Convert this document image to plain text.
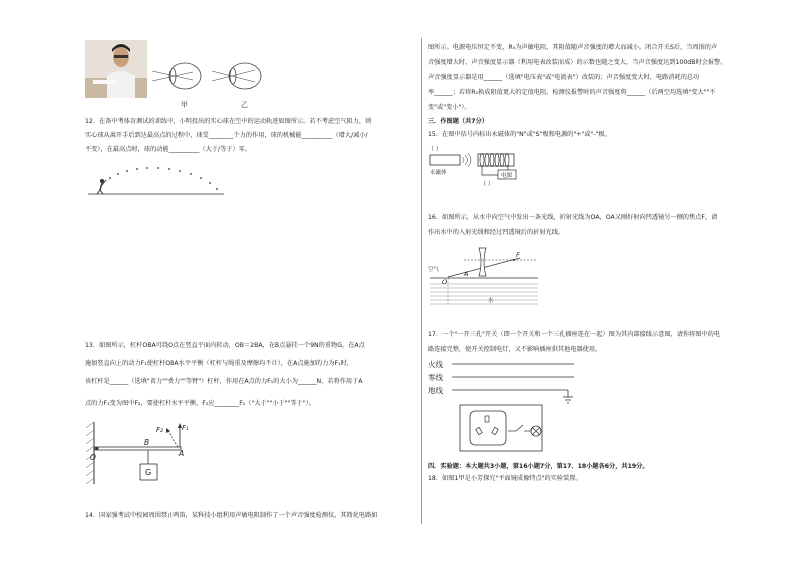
甲	乙
12．在备中考体育测试的训练中，小明投出的实心球在空中的运动轨迹如图所示。若不考虑空气阻力，则
实心球从离开手后到达最高点的过程中，球受________个力的作用，球的机械能__________（增大/减小/
不变），在最高点时，球的动能__________（大于/等于）零。
13．如图所示，杠杆OBA可绕O点在竖直平面内转动，OB＝2BA，在B点悬挂一个9N的重物G，在A点
施加竖直向上的动力F₁使杠杆OBA水平平衡（杠杆与绳重及摩擦均不计），在A点施加的力为F₁时，
该杠杆是______（选填"省力""费力""等臂"）杠杆，作用在A点的力F₁的大小为______N，若将作用于A
点的力F₁变为图中F₂，要使杠杆水平平衡，F₂应________F₁（"大于""小于""等于"）。
G
F₂	F₁
B
O	A
14．国家强考试中校园周围禁止鸣笛，某科技小组利用声敏电阻制作了一个声音强度检测仪，其简化电路如
图所示。电源电压恒定不变，R₀为声敏电阻，其阻值随声音强度的增大而减小。闭合开关S后，当周围的声
音强度增大时，声音强度显示器（利用电表改装而成）的示数也随之变大，当声音强度达到100dB时会报警。
声音强度显示器是用______（选填"电压表"或"电流表"）改装的；声音强度变大时，电路消耗的总功
率______；若将R₀换成阻值更大的定值电阻，检测仪报警时的声音强度将______（后两空均选填"变大""不
变"或"变小"）。
三．作图题（共7分）
15．在图中括号内标出永磁体的"N"或"S"极和电源的"+"或"-"极。
（ ）
永磁体	电源
（ ）
16．如图所示，从水中向空气中发出一条光线，折射光线为OA，OA又刚好射向凹透镜另一侧的焦点F，请
作出水中的入射光线和经过凹透镜后的折射光线。
F
A
O
空气
水
17．一个"一开三孔"开关（即一个开关和一个三孔插座连在一起）图为其内部接线示意图，请你将图中的电
路连接完整，使开关控制电灯，又不影响插座供其他电器使用。
火线
零线
地线
四．实验题：本大题共3小题，第16小题7分，第17、18小题各6分，共19分。
18．如图1甲是小芳探究"平面镜成像特点"的实验装置。
